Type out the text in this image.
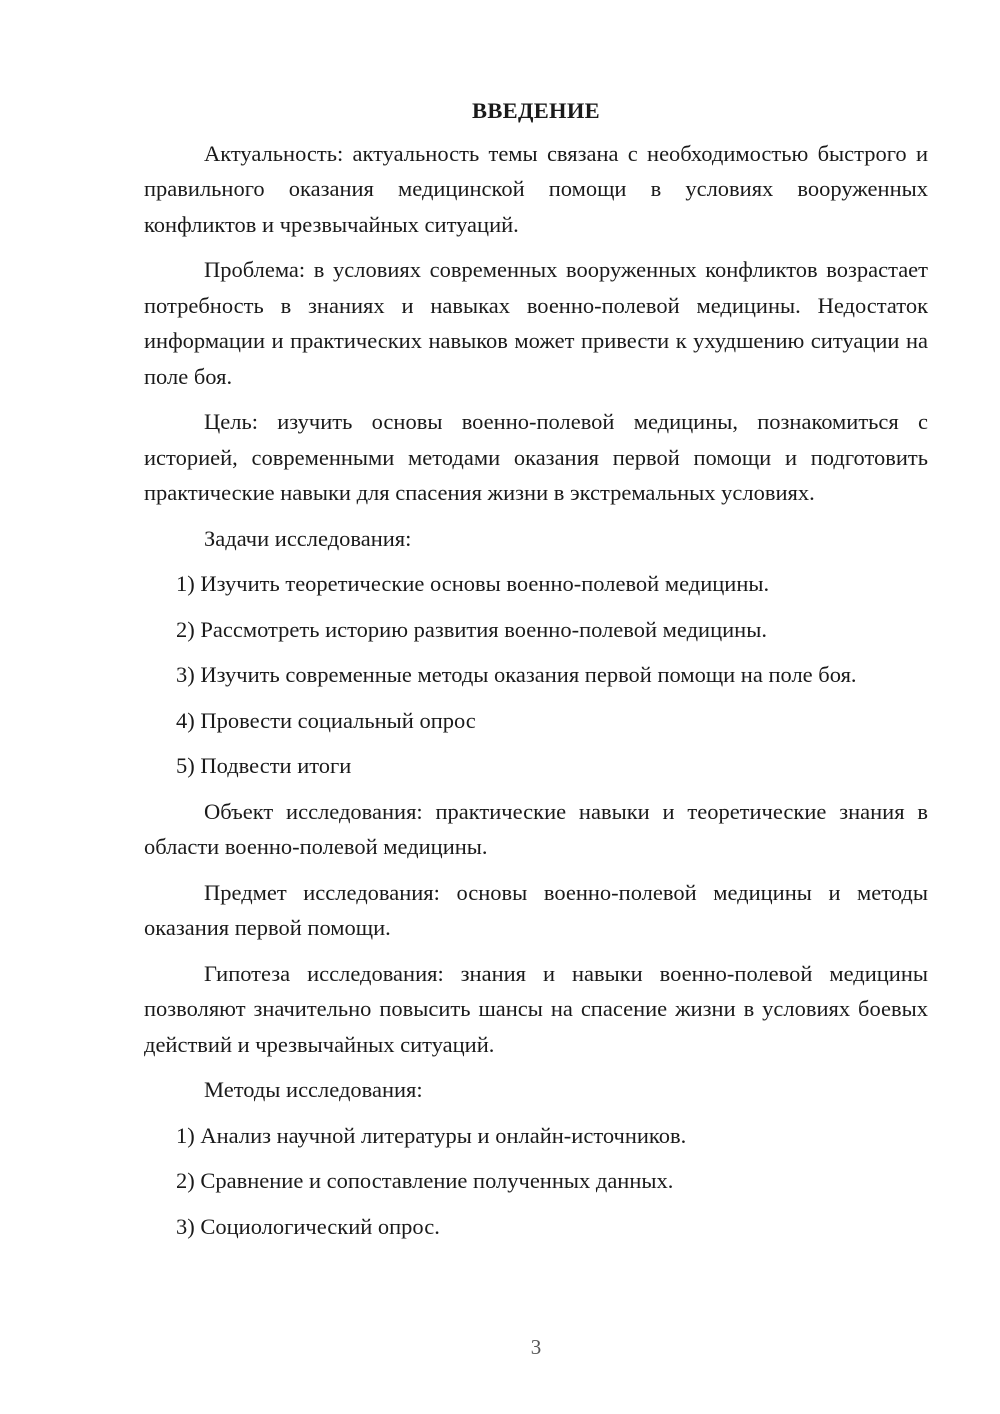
ВВЕДЕНИЕ

Актуальность: актуальность темы связана с необходимостью быстрого и правильного оказания медицинской помощи в условиях вооруженных конфликтов и чрезвычайных ситуаций.

Проблема: в условиях современных вооруженных конфликтов возрастает потребность в знаниях и навыках военно-полевой медицины. Недостаток информации и практических навыков может привести к ухудшению ситуации на поле боя.

Цель: изучить основы военно-полевой медицины, познакомиться с историей, современными методами оказания первой помощи и подготовить практические навыки для спасения жизни в экстремальных условиях.

Задачи исследования:
1) Изучить теоретические основы военно-полевой медицины.
2) Рассмотреть историю развития военно-полевой медицины.
3) Изучить современные методы оказания первой помощи на поле боя.
4) Провести социальный опрос
5) Подвести итоги

Объект исследования: практические навыки и теоретические знания в области военно-полевой медицины.

Предмет исследования: основы военно-полевой медицины и методы оказания первой помощи.

Гипотеза исследования: знания и навыки военно-полевой медицины позволяют значительно повысить шансы на спасение жизни в условиях боевых действий и чрезвычайных ситуаций.

Методы исследования:
1) Анализ научной литературы и онлайн-источников.
2) Сравнение и сопоставление полученных данных.
3) Социологический опрос.
3
